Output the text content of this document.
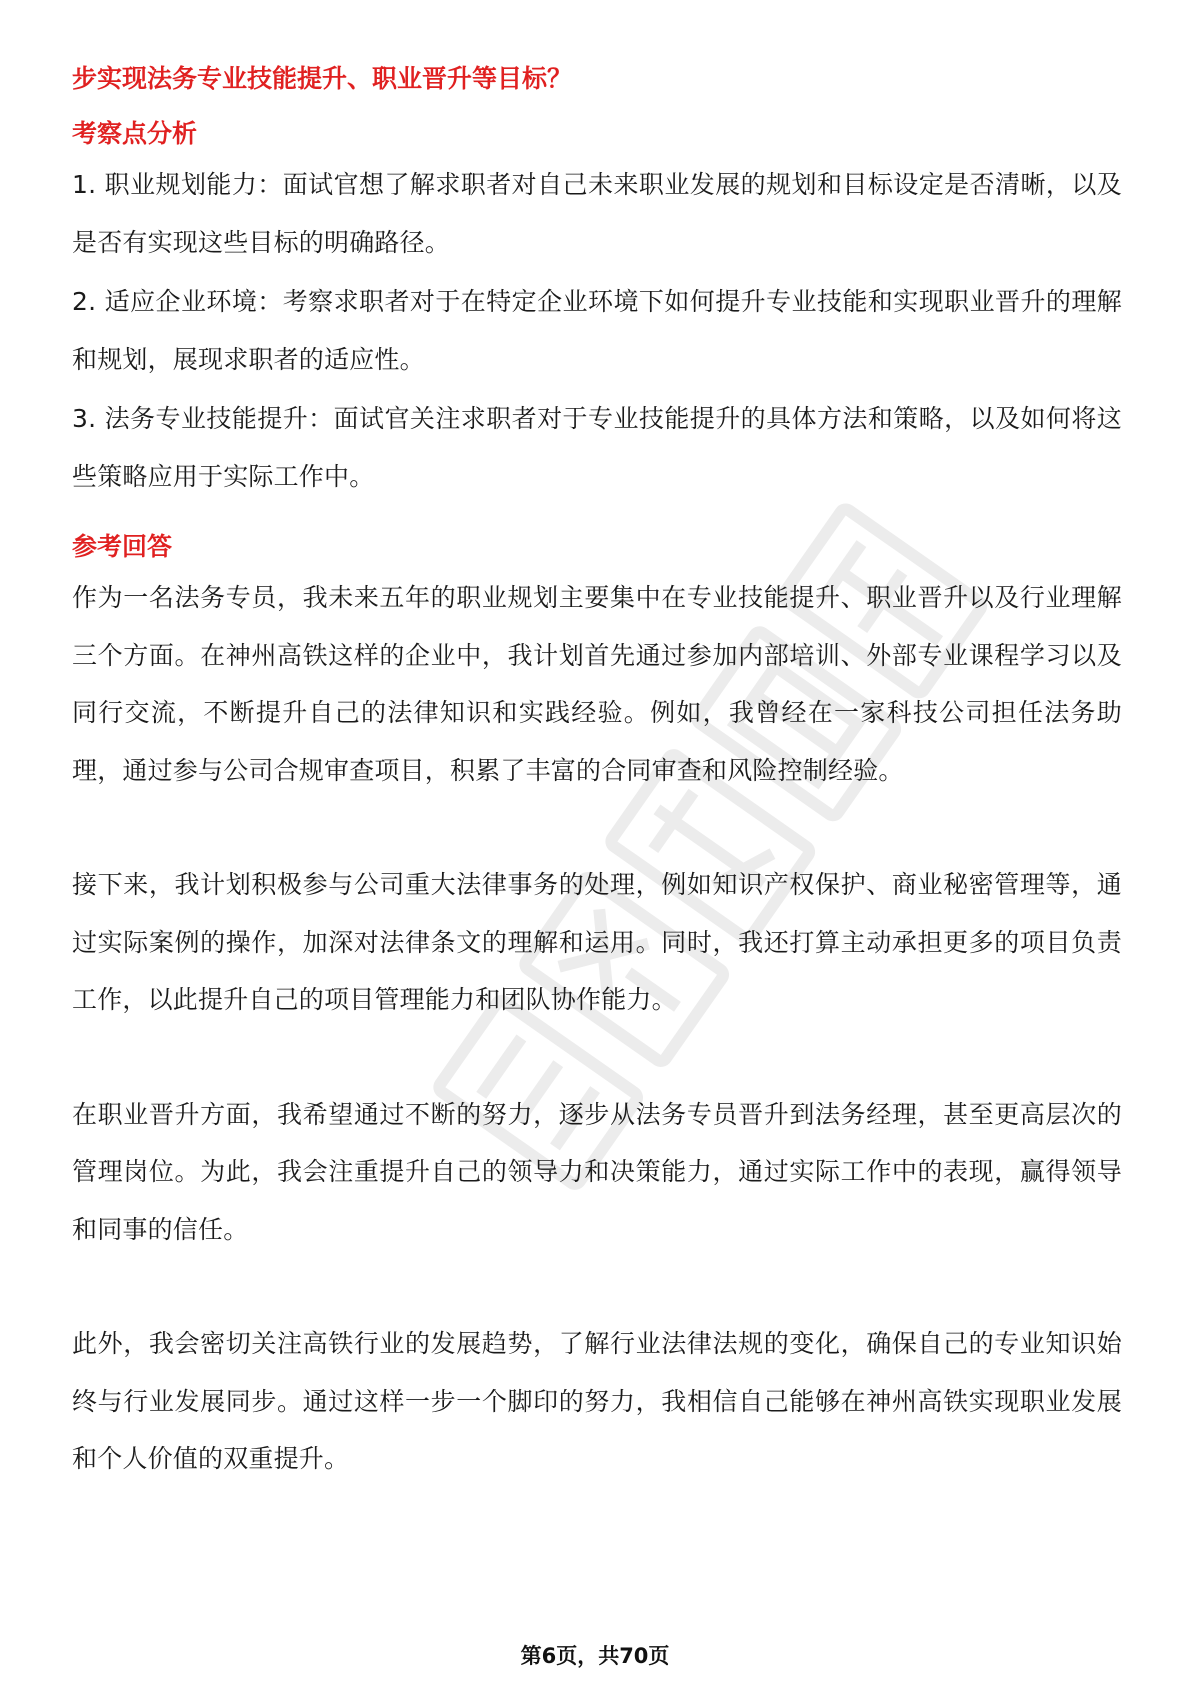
步实现法务专业技能提升、职业晋升等目标？

考察点分析

1. 职业规划能力：面试官想了解求职者对自己未来职业发展的规划和目标设定是否清晰，以及是否有实现这些目标的明确路径。

2. 适应企业环境：考察求职者对于在特定企业环境下如何提升专业技能和实现职业晋升的理解和规划，展现求职者的适应性。

3. 法务专业技能提升：面试官关注求职者对于专业技能提升的具体方法和策略，以及如何将这些策略应用于实际工作中。

参考回答

作为一名法务专员，我未来五年的职业规划主要集中在专业技能提升、职业晋升以及行业理解三个方面。在神州高铁这样的企业中，我计划首先通过参加内部培训、外部专业课程学习以及同行交流，不断提升自己的法律知识和实践经验。例如，我曾经在一家科技公司担任法务助理，通过参与公司合规审查项目，积累了丰富的合同审查和风险控制经验。

接下来，我计划积极参与公司重大法律事务的处理，例如知识产权保护、商业秘密管理等，通过实际案例的操作，加深对法律条文的理解和运用。同时，我还打算主动承担更多的项目负责工作，以此提升自己的项目管理能力和团队协作能力。

在职业晋升方面，我希望通过不断的努力，逐步从法务专员晋升到法务经理，甚至更高层次的管理岗位。为此，我会注重提升自己的领导力和决策能力，通过实际工作中的表现，赢得领导和同事的信任。

此外，我会密切关注高铁行业的发展趋势，了解行业法律法规的变化，确保自己的专业知识始终与行业发展同步。通过这样一步一个脚印的努力，我相信自己能够在神州高铁实现职业发展和个人价值的双重提升。

第6页，共70页
